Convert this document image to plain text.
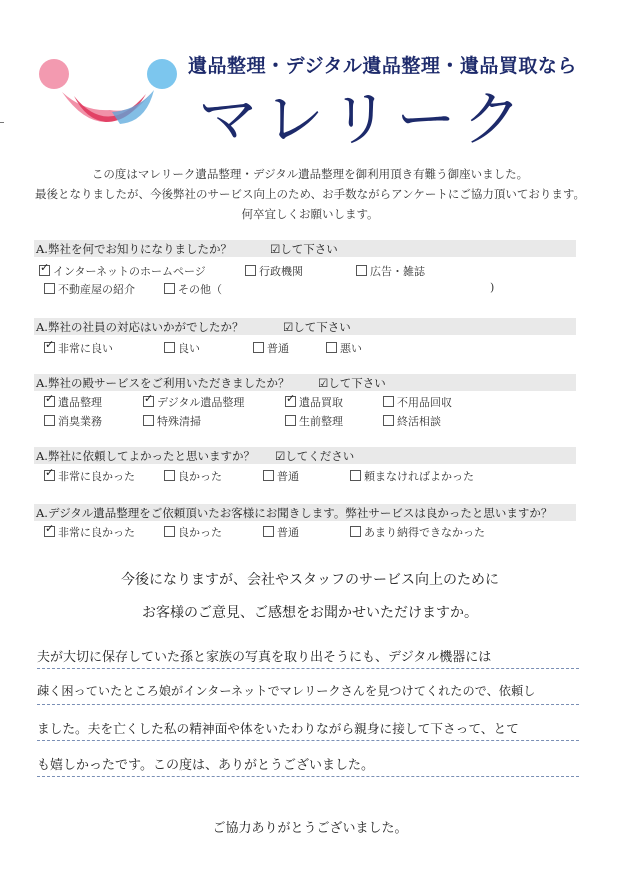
遺品整理・デジタル遺品整理・遺品買取なら
マレリーク
この度はマレリーク遺品整理・デジタル遺品整理を御利用頂き有難う御座いました。
最後となりましたが、今後弊社のサービス向上のため、お手数ながらアンケートにご協力頂いております。
何卒宜しくお願いします。
A.弊社を何でお知りになりましたか？	☑して下さい
✓インターネットのホームページ	行政機関	広告・雑誌
不動産屋の紹介	その他（	)
A.弊社の社員の対応はいかがでしたか？	☑して下さい
✓非常に良い	良い	普通	悪い
A.弊社の殿サービスをご利用いただきましたか？ ☑して下さい
✓遺品整理 ✓	デジタル遺品整理 ✓	遺品買取	不用品回収
消臭業務	特殊清掃	生前整理	終活相談
A.弊社に依頼してよかったと思いますか？ ☑してください
✓非常に良かった	良かった	普通	頼まなければよかった
A.デジタル遺品整理をご依頼頂いたお客様にお聞きします。弊社サービスは良かったと思いますか？
✓非常に良かった	良かった	普通	あまり納得できなかった
今後になりますが、会社やスタッフのサービス向上のために
お客様のご意見、ご感想をお聞かせいただけますか。
夫が大切に保存していた孫と家族の写真を取り出そうにも、デジタル機器には
疎く困っていたところ娘がインターネットでマレリークさんを見つけてくれたので、依頼し
ました。夫を亡くした私の精神面や体をいたわりながら親身に接して下さって、とて
も嬉しかったです。この度は、ありがとうございました。
ご協力ありがとうございました。
